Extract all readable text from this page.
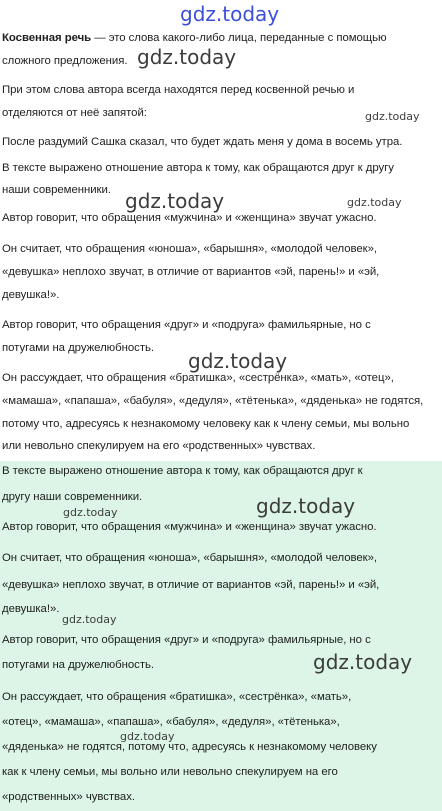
Косвенная речь — это слова какого-либо лица, переданные с помощью

сложного предложения.

При этом слова автора всегда находятся перед косвенной речью и

отделяются от неё запятой:

После раздумий Сашка сказал, что будет ждать меня у дома в восемь утра.

В тексте выражено отношение автора к тому, как обращаются друг к другу

наши современники.

Автор говорит, что обращения «мужчина» и «женщина» звучат ужасно.

Он считает, что обращения «юноша», «барышня», «молодой человек»,

«девушка» неплохо звучат, в отличие от вариантов «эй, парень!» и «эй,

девушка!».

Автор говорит, что обращения «друг» и «подруга» фамильярные, но с

потугами на дружелюбность.

Он рассуждает, что обращения «братишка», «сестрёнка», «мать», «отец»,

«мамаша», «папаша», «бабуля», «дедуля», «тётенька», «дяденька» не годятся,

потому что, адресуясь к незнакомому человеку как к члену семьи, мы вольно

или невольно спекулируем на его «родственных» чувствах.

В тексте выражено отношение автора к тому, как обращаются друг к

другу наши современники.

Автор говорит, что обращения «мужчина» и «женщина» звучат ужасно.

Он считает, что обращения «юноша», «барышня», «молодой человек»,

«девушка» неплохо звучат, в отличие от вариантов «эй, парень!» и «эй,

девушка!».

Автор говорит, что обращения «друг» и «подруга» фамильярные, но с

потугами на дружелюбность.

Он рассуждает, что обращения «братишка», «сестрёнка», «мать»,

«отец», «мамаша», «папаша», «бабуля», «дедуля», «тётенька»,

«дяденька» не годятся, потому что, адресуясь к незнакомому человеку

как к члену семьи, мы вольно или невольно спекулируем на его

«родственных» чувствах.

gdz.today
gdz.today
gdz.today
gdz.today	gdz.today
gdz.today
gdz.today
gdz.today
gdz.today
gdz.today
gdz.today
